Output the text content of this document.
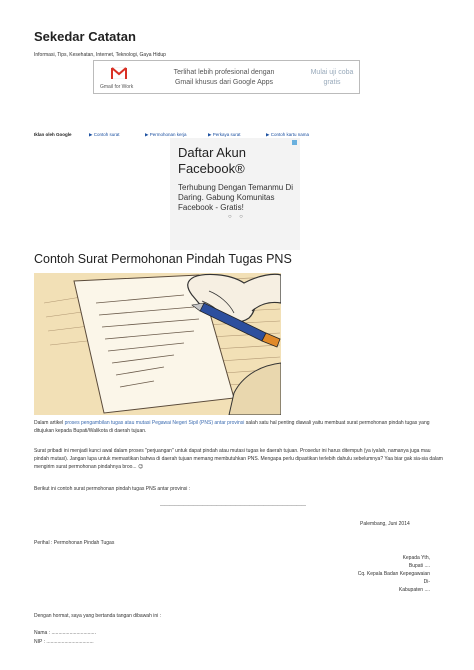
Sekedar Catatan
Informasi, Tips, Kesehatan, Internet, Teknologi, Gaya Hidup
Gmail for Work
Terlihat lebih profesional dengan Gmail khusus dari Google Apps
Mulai uji coba gratis
Iklan oleh Google	▶ Contoh surat	▶ Permohonan kerja	▶ Perkaya surat	▶ Contoh kartu nama
Daftar Akun Facebook®
Terhubung Dengan Temanmu Di Daring. Gabung Komunitas Facebook - Gratis!
○ ○
Contoh Surat Permohonan Pindah Tugas PNS
Dalam artikel proses pengambilan tugas atau mutasi Pegawai Negeri Sipil (PNS) antar provinsi salah satu hal penting diawali yaitu membuat surat permohonan pindah tugas yang ditujukan kepada Bupati/Walikota di daerah tujuan.
Surat pribadi ini menjadi kunci awal dalam proses "perjuangan" untuk dapat pindah atau mutasi tugas ke daerah tujuan. Prosedur ini harus ditempuh (ya iyalah, namanya juga mau pindah mutasi). Jangan lupa untuk memastikan bahwa di daerah tujuan memang membutuhkan PNS. Mengapa perlu dipastikan terlebih dahulu sebelumnya? Yaa biar gak sia-sia dalam mengirim surat permohonan pindahnya broo... 😉
Berikut ini contoh surat permohonan pindah tugas PNS antar provinsi :
———————————————————————————————
Palembang, Juni 2014
Perihal : Permohonan Pindah Tugas
Kepada Yth,
Bupati ....
Cq. Kepala Badan Kepegawaian
Di-
Kabupaten ....
Dengan hormat, saya yang bertanda tangan dibawah ini :
Nama : ................................
NIP : ..................................
